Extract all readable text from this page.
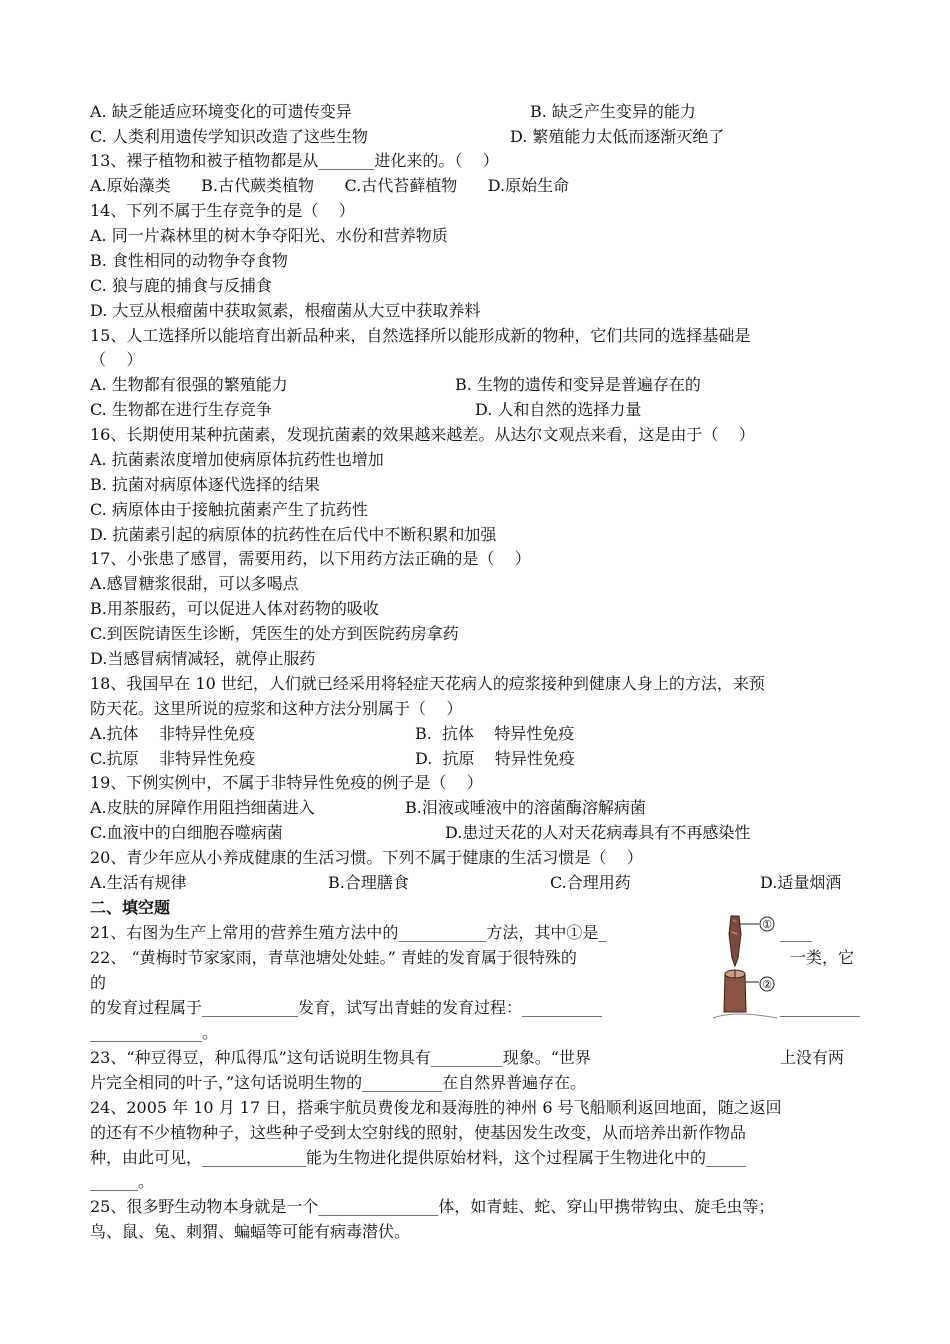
A. 缺乏能适应环境变化的可遗传变异	B. 缺乏产生变异的能力
C. 人类利用遗传学知识改造了这些生物	D. 繁殖能力太低而逐渐灭绝了
13、裸子植物和被子植物都是从_______进化来的。（    ）
A.原始藻类      B.古代蕨类植物      C.古代苔藓植物      D.原始生命
14、下列不属于生存竞争的是（    ）
A. 同一片森林里的树木争夺阳光、水份和营养物质
B. 食性相同的动物争夺食物
C. 狼与鹿的捕食与反捕食
D. 大豆从根瘤菌中获取氮素，根瘤菌从大豆中获取养料
15、人工选择所以能培育出新品种来，自然选择所以能形成新的物种，它们共同的选择基础是
（    ）
A. 生物都有很强的繁殖能力	B. 生物的遗传和变异是普遍存在的
C. 生物都在进行生存竞争	D. 人和自然的选择力量
16、长期使用某种抗菌素，发现抗菌素的效果越来越差。从达尔文观点来看，这是由于（    ）
A. 抗菌素浓度增加使病原体抗药性也增加
B. 抗菌对病原体逐代选择的结果
C. 病原体由于接触抗菌素产生了抗药性
D. 抗菌素引起的病原体的抗药性在后代中不断积累和加强
17、小张患了感冒，需要用药，以下用药方法正确的是（    ）
A.感冒糖浆很甜，可以多喝点
B.用茶服药，可以促进人体对药物的吸收
C.到医院请医生诊断，凭医生的处方到医院药房拿药
D.当感冒病情减轻，就停止服药
18、我国早在 10 世纪，人们就已经采用将轻症天花病人的痘浆接种到健康人身上的方法，来预
防天花。这里所说的痘浆和这种方法分别属于（    ）
A.抗体    非特异性免疫	B.  抗体    特异性免疫
C.抗原    非特异性免疫	D.  抗原    特异性免疫
19、下例实例中，不属于非特异性免疫的例子是（    ）
A.皮肤的屏障作用阻挡细菌进入	B.泪液或唾液中的溶菌酶溶解病菌
C.血液中的白细胞吞噬病菌	D.患过天花的人对天花病毒具有不再感染性
20、青少年应从小养成健康的生活习惯。下列不属于健康的生活习惯是（    ）
A.生活有规律	B.合理膳食	C.合理用药	D.适量烟酒
二、填空题
21、右图为生产上常用的营养生殖方法中的___________方法，其中①是_	____
22、 “黄梅时节家家雨，青草池塘处处蛙。” 青蛙的发育属于很特殊的	一类，它
的
的发育过程属于____________发育，试写出青蛙的发育过程：__________	__________
______________。
23、“种豆得豆，种瓜得瓜”这句话说明生物具有_________现象。“世界	上没有两
片完全相同的叶子，”这句话说明生物的__________在自然界普遍存在。
24、2005 年 10 月 17 日，搭乘宇航员费俊龙和聂海胜的神州 6 号飞船顺利返回地面，随之返回
的还有不少植物种子，这些种子受到太空射线的照射，使基因发生改变，从而培养出新作物品
种，由此可见，_____________能为生物进化提供原始材料，这个过程属于生物进化中的_____
______。
25、很多野生动物本身就是一个_______________体，如青蛙、蛇、穿山甲携带钩虫、旋毛虫等；
鸟、鼠、兔、刺猬、蝙蝠等可能有病毒潜伏。
①
②
